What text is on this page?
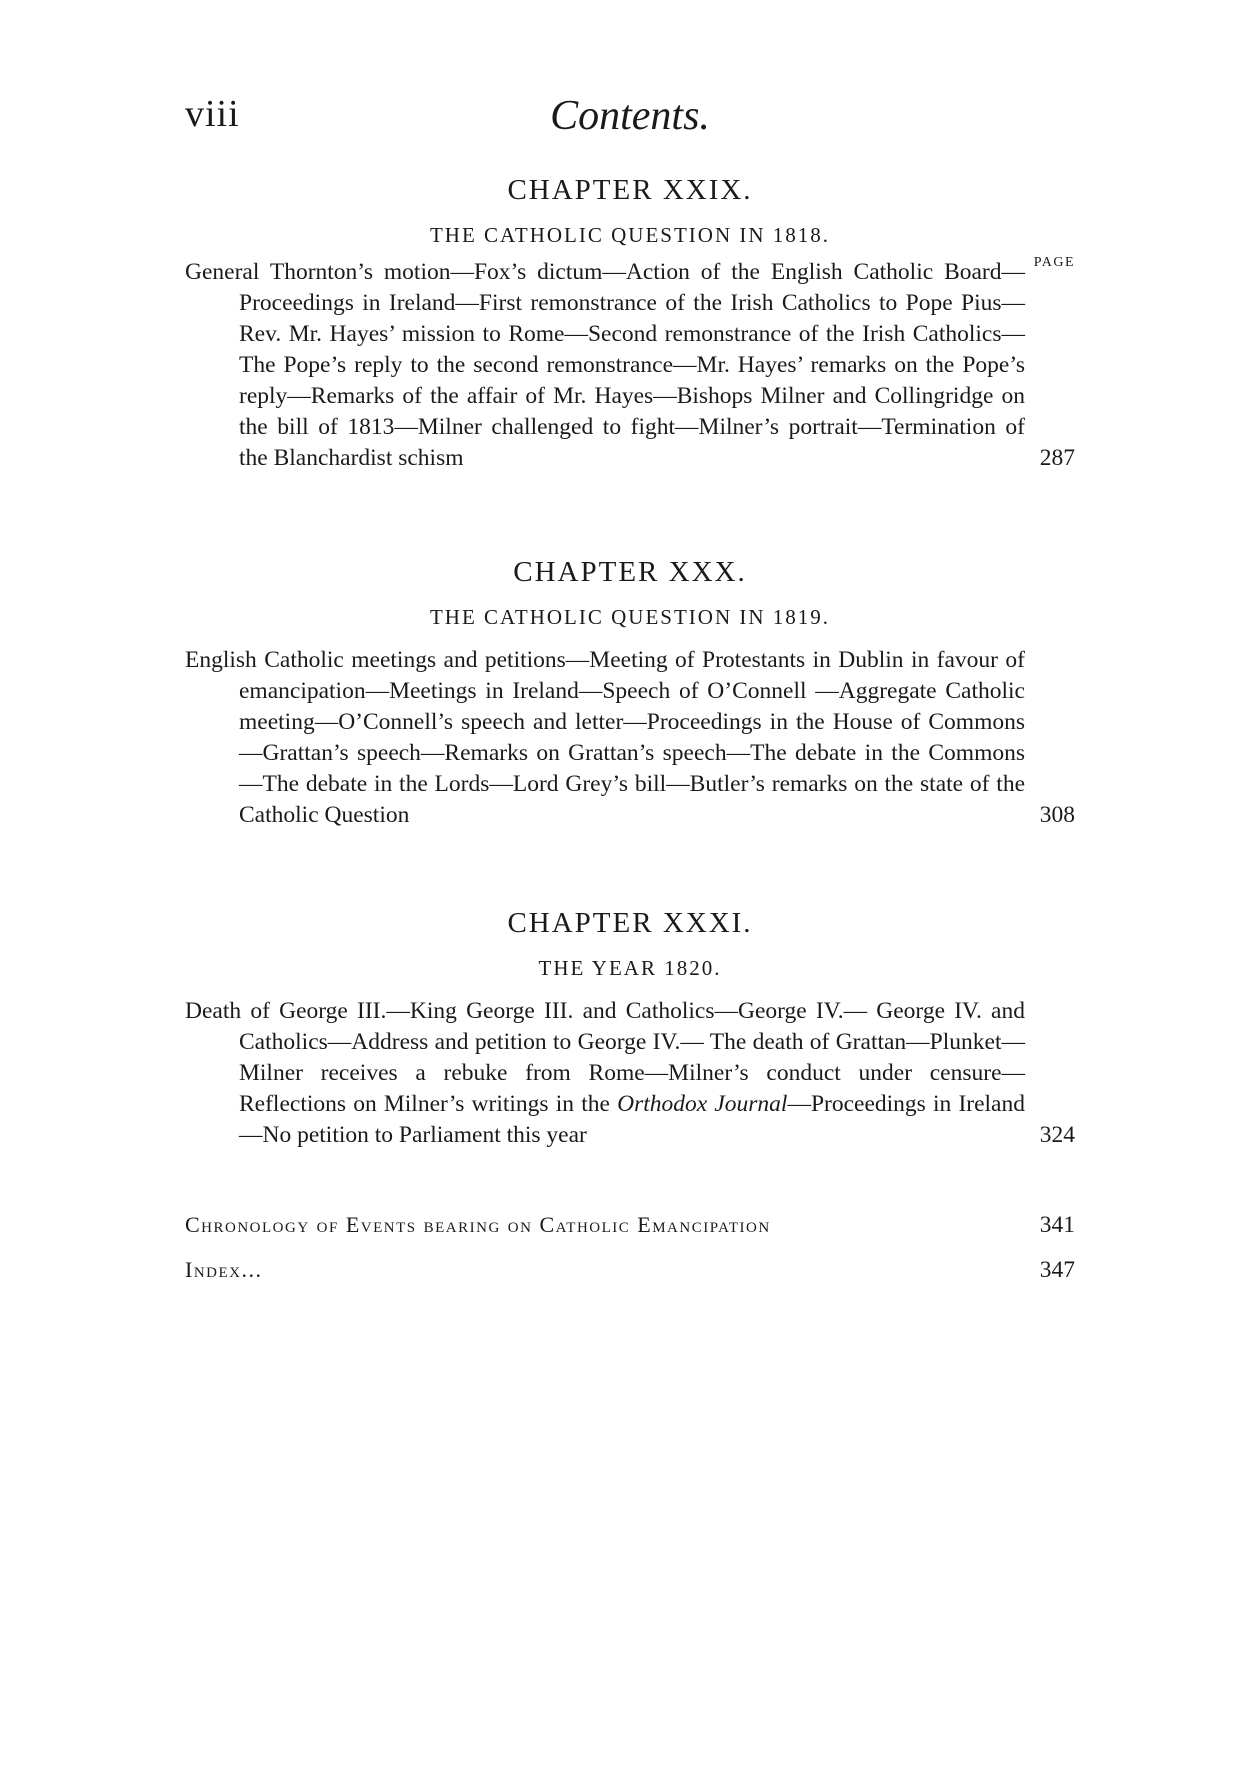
viii	Contents.
CHAPTER XXIX.
THE CATHOLIC QUESTION IN 1818.
PAGE
General Thornton’s motion—Fox’s dictum—Action of the English Catholic Board—Proceedings in Ireland—First remonstrance of the Irish Catholics to Pope Pius—Rev. Mr. Hayes’ mission to Rome—Second remonstrance of the Irish Catholics—The Pope’s reply to the second remonstrance—Mr. Hayes’ remarks on the Pope’s reply—Remarks of the affair of Mr. Hayes—Bishops Milner and Collingridge on the bill of 1813—Milner challenged to fight—Milner’s portrait—Termination of the Blanchardist schism	287
CHAPTER XXX.
THE CATHOLIC QUESTION IN 1819.
English Catholic meetings and petitions—Meeting of Protestants in Dublin in favour of emancipation—Meetings in Ireland—Speech of O’Connell —Aggregate Catholic meeting—O’Connell’s speech and letter—Proceedings in the House of Commons—Grattan’s speech—Remarks on Grattan’s speech—The debate in the Commons—The debate in the Lords—Lord Grey’s bill—Butler’s remarks on the state of the Catholic Question	308
CHAPTER XXXI.
THE YEAR 1820.
Death of George III.—King George III. and Catholics—George IV.— George IV. and Catholics—Address and petition to George IV.— The death of Grattan—Plunket—Milner receives a rebuke from Rome—Milner’s conduct under censure—Reflections on Milner’s writings in the Orthodox Journal—Proceedings in Ireland—No petition to Parliament this year	324
Chronology of Events bearing on Catholic Emancipation	341
Index...	347
